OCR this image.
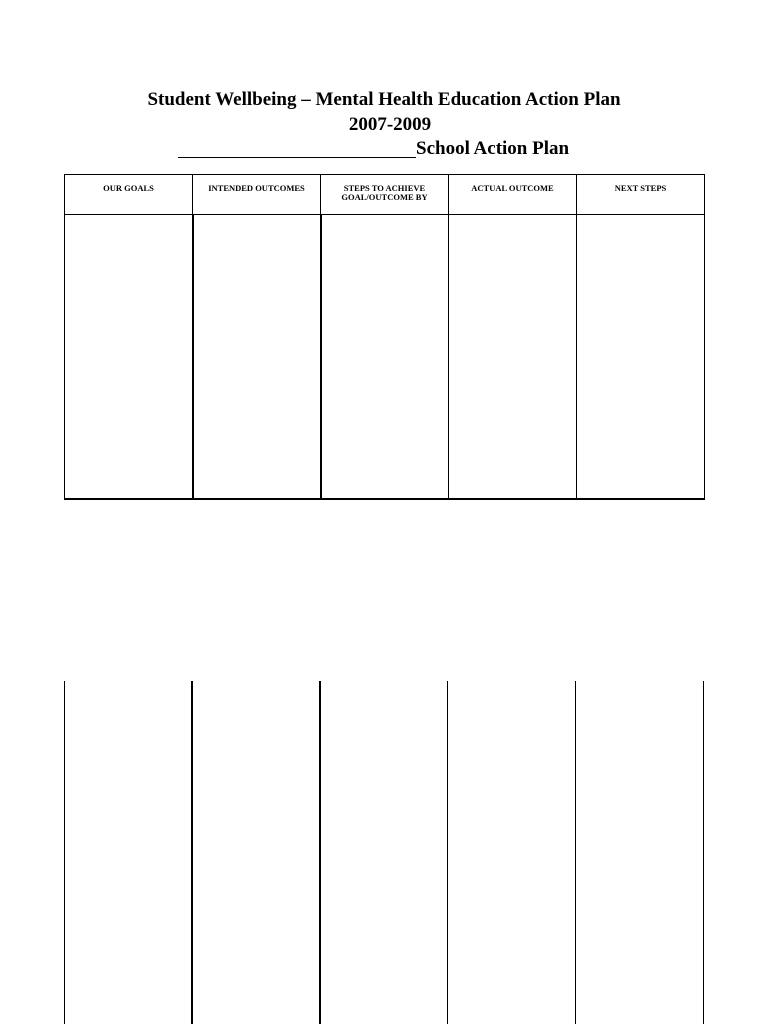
Student Wellbeing – Mental Health Education Action Plan
2007-2009
School Action Plan
OUR GOALS	INTENDED OUTCOMES	STEPS TO ACHIEVE GOAL/OUTCOME BY	ACTUAL OUTCOME	NEXT STEPS
